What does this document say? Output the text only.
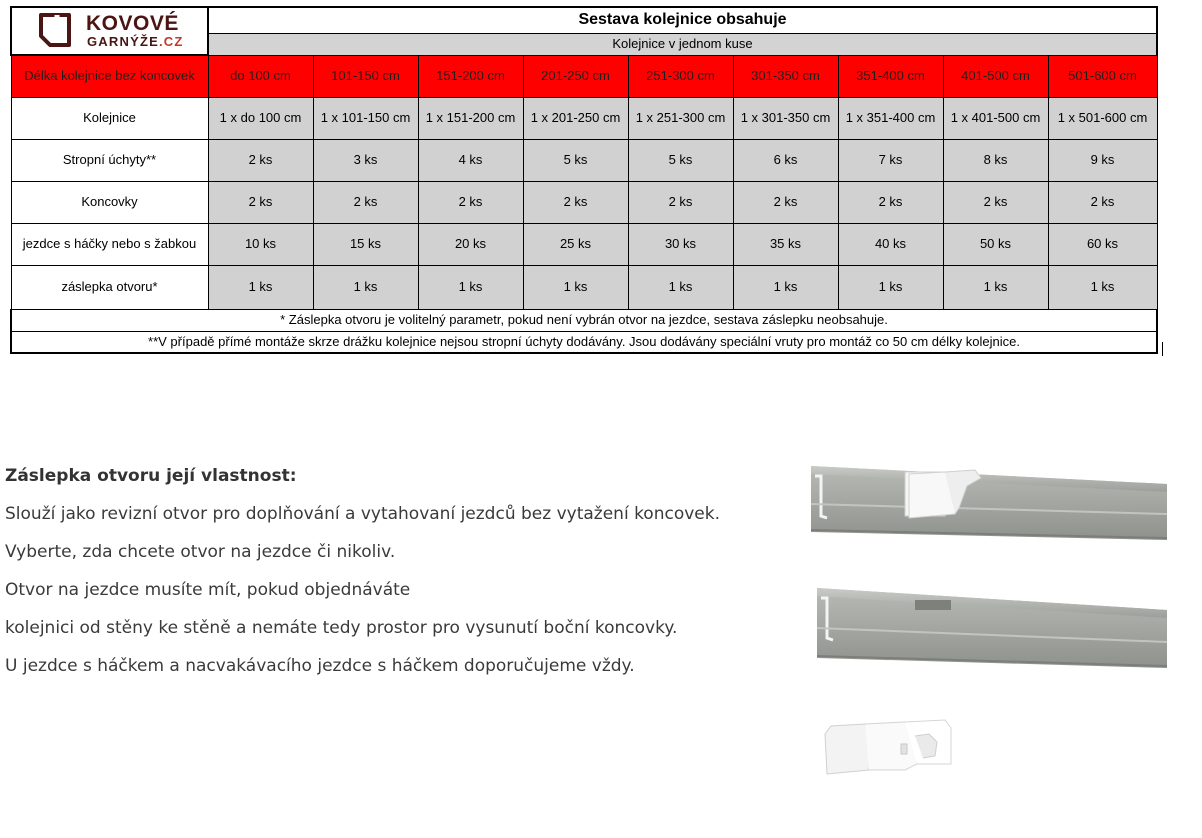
KOVOVÉ
GARNÝŽE.CZ	Sestava kolejnice obsahuje								
	Kolejnice v jednom kuse								
Délka kolejnice bez koncovek	do 100 cm	101-150 cm	151-200 cm	201-250 cm	251-300 cm	301-350 cm	351-400 cm	401-500 cm	501-600 cm
Kolejnice	1 x do 100 cm	1 x 101-150 cm	1 x 151-200 cm	1 x 201-250 cm	1 x 251-300 cm	1 x 301-350 cm	1 x 351-400 cm	1 x 401-500 cm	1 x 501-600 cm
Stropní úchyty**	2 ks	3 ks	4 ks	5 ks	5 ks	6 ks	7 ks	8 ks	9 ks
Koncovky	2 ks	2 ks	2 ks	2 ks	2 ks	2 ks	2 ks	2 ks	2 ks
jezdce s háčky nebo s žabkou	10 ks	15 ks	20 ks	25 ks	30 ks	35 ks	40 ks	50 ks	60 ks
záslepka otvoru*	1 ks	1 ks	1 ks	1 ks	1 ks	1 ks	1 ks	1 ks	1 ks
* Záslepka otvoru je volitelný parametr, pokud není vybrán otvor na jezdce, sestava záslepku neobsahuje.									
**V případě přímé montáže skrze drážku kolejnice nejsou stropní úchyty dodávány. Jsou dodávány speciální vruty pro montáž co 50 cm délky kolejnice.									
Záslepka otvoru její vlastnost:
Slouží jako revizní otvor pro doplňování a vytahovaní jezdců bez vytažení koncovek.
Vyberte, zda chcete otvor na jezdce či nikoliv.
Otvor na jezdce musíte mít, pokud objednáváte
kolejnici od stěny ke stěně a nemáte tedy prostor pro vysunutí boční koncovky.
U jezdce s háčkem a nacvakávacího jezdce s háčkem doporučujeme vždy.
